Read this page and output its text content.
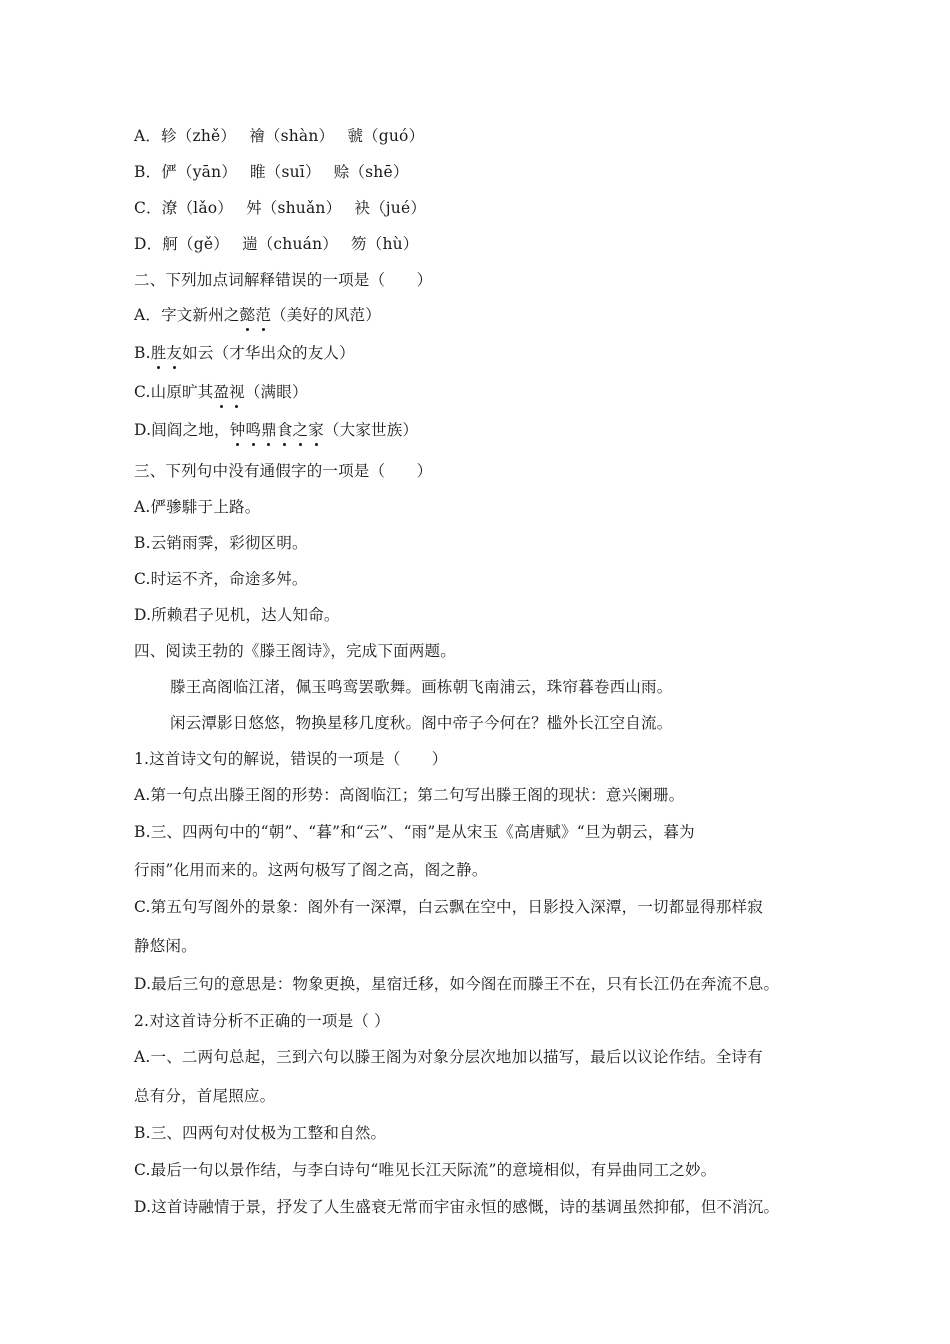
A．轸（zhě）　 禬（shàn）　 虢（guó）
B．俨（yān）　 睢（suī）　 赊（shē）
C．潦（lǎo）　 舛（shuǎn）　 袂（jué）
D．舸（gě）　 遄（chuán）　 笏（hù）
二、下列加点词解释错误的一项是（　　）
A．字文新州之懿范（美好的风范）
B.胜友如云（才华出众的友人）
C.山原旷其盈视（满眼）
D.闾阎之地，钟鸣鼎食之家（大家世族）
三、下列句中没有通假字的一项是（　　）
A.俨骖騑于上路。
B.云销雨霁，彩彻区明。
C.时运不齐，命途多舛。
D.所赖君子见机，达人知命。
四、阅读王勃的《滕王阁诗》，完成下面两题。
滕王高阁临江渚，佩玉鸣鸾罢歌舞。画栋朝飞南浦云，珠帘暮卷西山雨。
闲云潭影日悠悠，物换星移几度秋。阁中帝子今何在？槛外长江空自流。
1.这首诗文句的解说，错误的一项是（　　）
A.第一句点出滕王阁的形势：高阁临江；第二句写出滕王阁的现状：意兴阑珊。
B.三、四两句中的“朝”、“暮”和“云”、“雨”是从宋玉《高唐赋》“旦为朝云，暮为
行雨”化用而来的。这两句极写了阁之高，阁之静。
C.第五句写阁外的景象：阁外有一深潭，白云飘在空中，日影投入深潭，一切都显得那样寂
静悠闲。
D.最后三句的意思是：物象更换，星宿迁移，如今阁在而滕王不在，只有长江仍在奔流不息。
2.对这首诗分析不正确的一项是（ ）
A.一、二两句总起，三到六句以滕王阁为对象分层次地加以描写，最后以议论作结。全诗有
总有分，首尾照应。
B.三、四两句对仗极为工整和自然。
C.最后一句以景作结，与李白诗句“唯见长江天际流”的意境相似，有异曲同工之妙。
D.这首诗融情于景，抒发了人生盛衰无常而宇宙永恒的感慨，诗的基调虽然抑郁，但不消沉。
